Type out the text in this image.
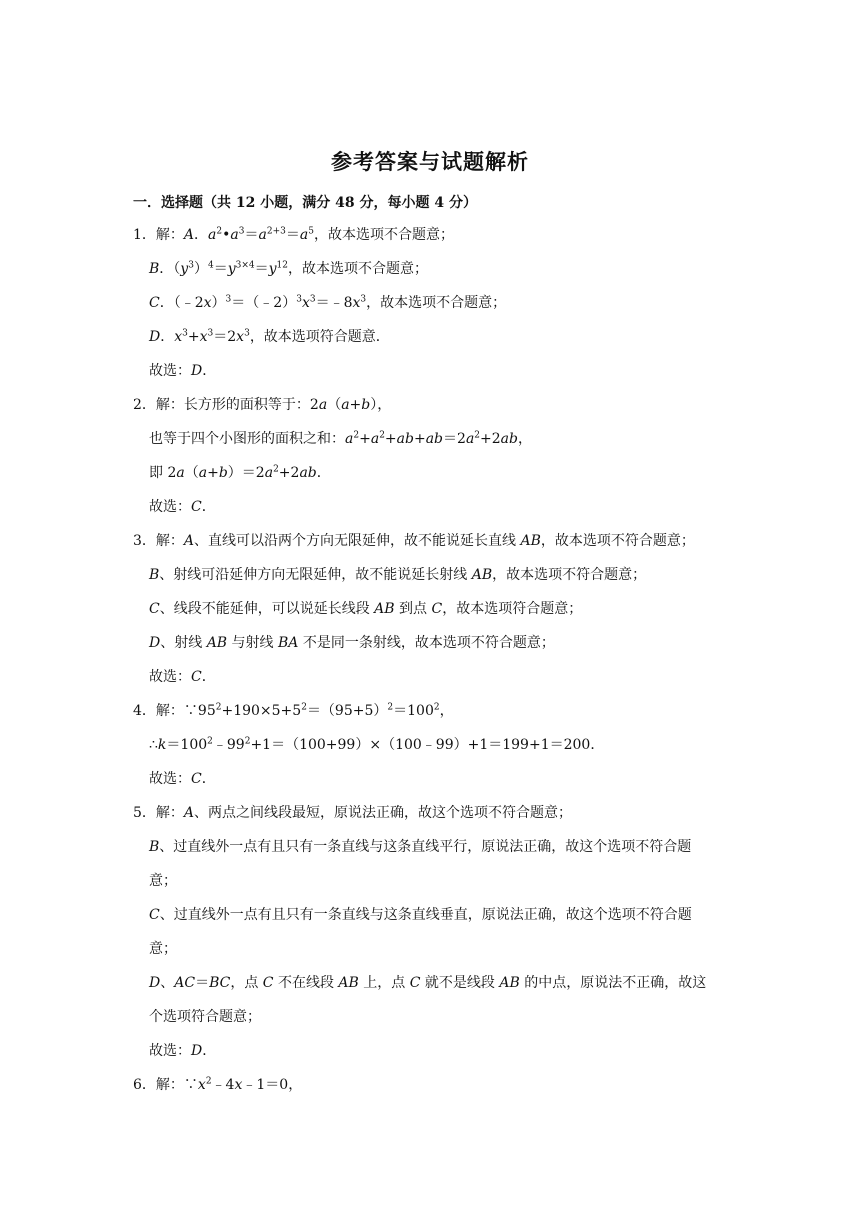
参考答案与试题解析
一．选择题（共 12 小题，满分 48 分，每小题 4 分）
1．解：A．$a^2•a^3=a^{2+3}=a^5$，故本选项不合题意；
B．$(y^3)^4=y^{3\times 4}=y^{12}$，故本选项不合题意；
C．$(﹣2x)^3=(﹣2)^3x^3=﹣8x^3$，故本选项不合题意；
D．$x^3+x^3=2x^3$，故本选项符合题意．
故选：D．
2．解：长方形的面积等于：2a（a+b），
也等于四个小图形的面积之和：$a^2+a^2+ab+ab=2a^2+2ab$，
即 $2a(a+b)=2a^2+2ab$．
故选：C．
3．解：A、直线可以沿两个方向无限延伸，故不能说延长直线 AB，故本选项不符合题意；
B、射线可沿延伸方向无限延伸，故不能说延长射线 AB，故本选项不符合题意；
C、线段不能延伸，可以说延长线段 AB 到点 C，故本选项符合题意；
D、射线 AB 与射线 BA 不是同一条射线，故本选项不符合题意；
故选：C．
4．解：$\because 95^2+190\times 5+5^2=(95+5)^2=100^2$，
$\therefore k=100^2﹣99^2+1=(100+99)\times(100﹣99)+1=199+1=200$．
故选：C．
5．解：A、两点之间线段最短，原说法正确，故这个选项不符合题意；
B、过直线外一点有且只有一条直线与这条直线平行，原说法正确，故这个选项不符合题
意；
C、过直线外一点有且只有一条直线与这条直线垂直，原说法正确，故这个选项不符合题
意；
D、AC＝BC，点 C 不在线段 AB 上，点 C 就不是线段 AB 的中点，原说法不正确，故这
个选项符合题意；
故选：D．
6．解：$\because x^2﹣4x﹣1=0$，
